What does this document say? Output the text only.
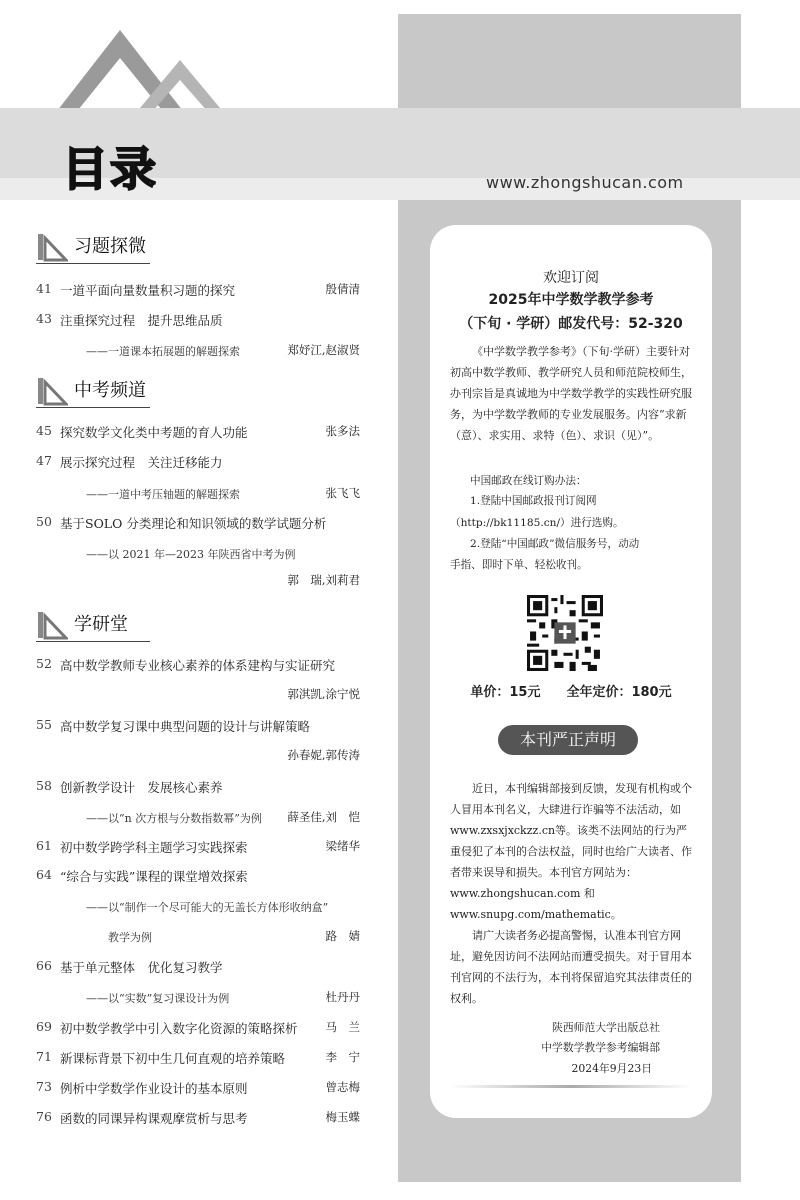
目录	www.zhongshucan.com
习题探微
41 一道平面向量数量积习题的探究	殷倩清
43 注重探究过程　提升思维品质
——一道课本拓展题的解题探索	郑妤江,赵淑贤
中考频道
45 探究数学文化类中考题的育人功能	张多法
47 展示探究过程　关注迁移能力
——一道中考压轴题的解题探索	张飞飞
50 基于SOLO 分类理论和知识领域的数学试题分析
——以 2021 年—2023 年陕西省中考为例
郭　瑞,刘莉君
学研堂
52 高中数学教师专业核心素养的体系建构与实证研究
郭淇凯,涂宁悦
55 高中数学复习课中典型问题的设计与讲解策略
孙春妮,郭传涛
58 创新教学设计　发展核心素养
——以“n 次方根与分数指数幂”为例 薛圣佳,刘　恺
61 初中数学跨学科主题学习实践探索	梁绪华
64 “综合与实践”课程的课堂增效探索
——以“制作一个尽可能大的无盖长方体形收纳盒”
教学为例	路　婧
66 基于单元整体　优化复习教学
——以“实数”复习课设计为例	杜丹丹
69 初中数学教学中引入数字化资源的策略探析 马　兰
71 新课标背景下初中生几何直观的培养策略	李　宁
73 例析中学数学作业设计的基本原则	曾志梅
76 函数的同课异构课观摩赏析与思考	梅玉蝶
欢迎订阅
2025年中学数学教学参考
（下旬 · 学研）邮发代号：52-320
《中学数学教学参考》（下旬·学研）主要针对初高中数学教师、教学研究人员和师范院校师生，办刊宗旨是真诚地为中学数学教学的实践性研究服务，为中学数学教师的专业发展服务。内容“求新（意）、求实用、求特（色）、求识（见）”。
中国邮政在线订购办法：
1.登陆中国邮政报刊订阅网
（http://bk11185.cn/）进行选购。
2.登陆“中国邮政”微信服务号，动动
手指、即时下单、轻松收刊。
单价：15元　　全年定价：180元
本刊严正声明
近日，本刊编辑部接到反馈，发现有机构或个人冒用本刊名义，大肆进行诈骗等不法活动，如www.zxsxjxckzz.cn等。该类不法网站的行为严重侵犯了本刊的合法权益，同时也给广大读者、作者带来误导和损失。本刊官方网站为：www.zhongshucan.com 和www.snupg.com/mathematic。
请广大读者务必提高警惕，认准本刊官方网址，避免因访问不法网站而遭受损失。对于冒用本刊官网的不法行为，本刊将保留追究其法律责任的权利。
陕西师范大学出版总社
中学数学教学参考编辑部
2024年9月23日
